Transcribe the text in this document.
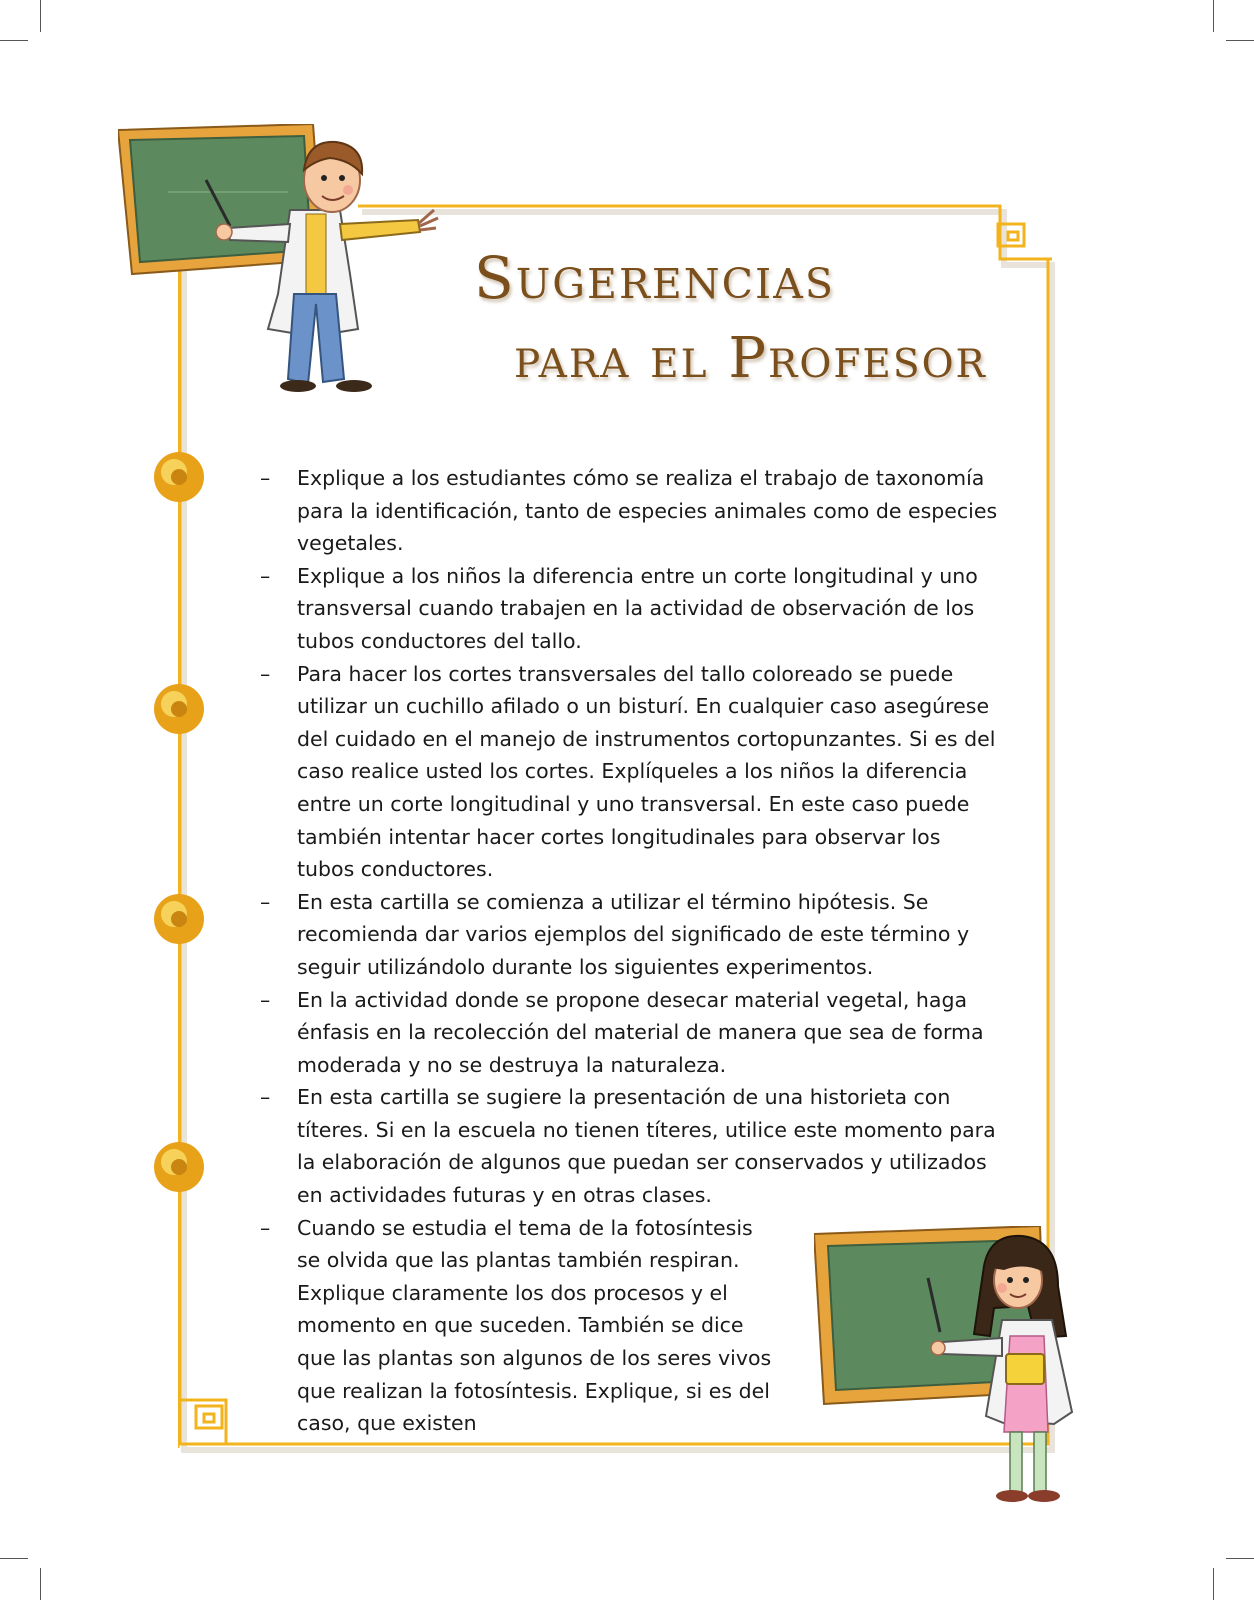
Sugerencias
para el Profesor
– Explique a los estudiantes cómo se realiza el trabajo de taxonomía para la identificación, tanto de especies animales como de especies vegetales.
– Explique a los niños la diferencia entre un corte longitudinal y uno transversal cuando trabajen en la actividad de observación de los tubos conductores del tallo.
– Para hacer los cortes transversales del tallo coloreado se puede utilizar un cuchillo afilado o un bisturí. En cualquier caso asegúrese del cuidado en el manejo de instrumentos cortopunzantes. Si es del caso realice usted los cortes. Explíqueles a los niños la diferencia entre un corte longitudinal y uno transversal. En este caso puede también intentar hacer cortes longitudinales para observar los tubos conductores.
– En esta cartilla se comienza a utilizar el término hipótesis. Se recomienda dar varios ejemplos del significado de este término y seguir utilizándolo durante los siguientes experimentos.
– En la actividad donde se propone desecar material vegetal, haga énfasis en la recolección del material de manera que sea de forma moderada y no se destruya la naturaleza.
– En esta cartilla se sugiere la presentación de una historieta con títeres. Si en la escuela no tienen títeres, utilice este momento para la elaboración de algunos que puedan ser conservados y utilizados en actividades futuras y en otras clases.
– Cuando se estudia el tema de la fotosíntesis se olvida que las plantas también respiran. Explique claramente los dos procesos y el momento en que suceden. También se dice que las plantas son algunos de los seres vivos que realizan la fotosíntesis. Explique, si es del caso, que existen
